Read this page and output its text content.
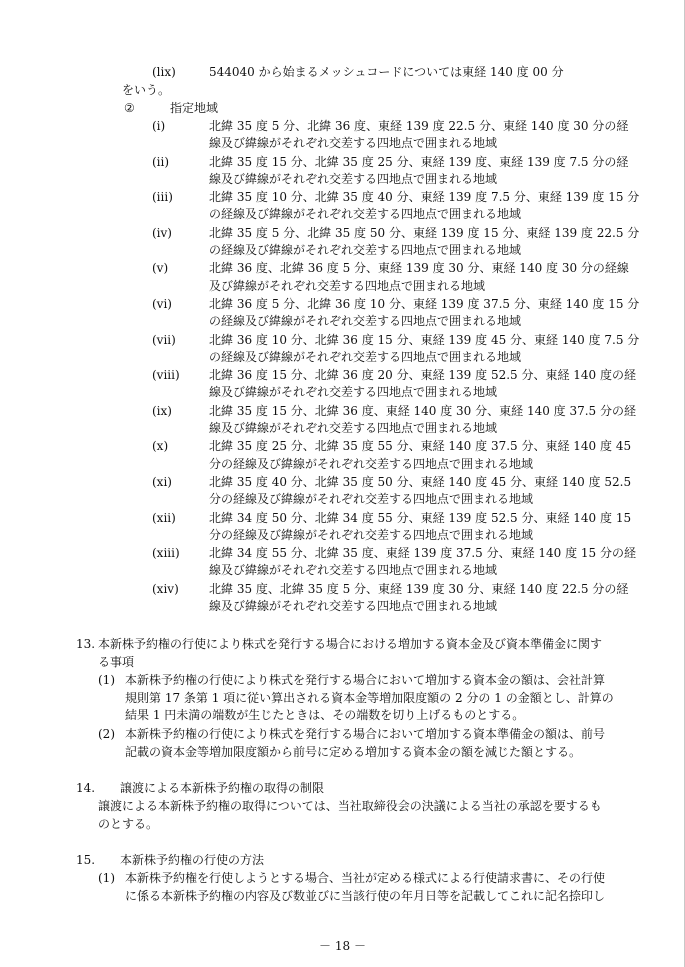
(lix)	544040 から始まるメッシュコードについては東経 140 度 00 分
をいう。
②	指定地域
(i)	北緯 35 度 5 分、北緯 36 度、東経 139 度 22.5 分、東経 140 度 30 分の経
線及び緯線がそれぞれ交差する四地点で囲まれる地域
(ii)	北緯 35 度 15 分、北緯 35 度 25 分、東経 139 度、東経 139 度 7.5 分の経
線及び緯線がそれぞれ交差する四地点で囲まれる地域
(iii)	北緯 35 度 10 分、北緯 35 度 40 分、東経 139 度 7.5 分、東経 139 度 15 分
の経線及び緯線がそれぞれ交差する四地点で囲まれる地域
(iv)	北緯 35 度 5 分、北緯 35 度 50 分、東経 139 度 15 分、東経 139 度 22.5 分
の経線及び緯線がそれぞれ交差する四地点で囲まれる地域
(v)	北緯 36 度、北緯 36 度 5 分、東経 139 度 30 分、東経 140 度 30 分の経線
及び緯線がそれぞれ交差する四地点で囲まれる地域
(vi)	北緯 36 度 5 分、北緯 36 度 10 分、東経 139 度 37.5 分、東経 140 度 15 分
の経線及び緯線がそれぞれ交差する四地点で囲まれる地域
(vii)	北緯 36 度 10 分、北緯 36 度 15 分、東経 139 度 45 分、東経 140 度 7.5 分
の経線及び緯線がそれぞれ交差する四地点で囲まれる地域
(viii)	北緯 36 度 15 分、北緯 36 度 20 分、東経 139 度 52.5 分、東経 140 度の経
線及び緯線がそれぞれ交差する四地点で囲まれる地域
(ix)	北緯 35 度 15 分、北緯 36 度、東経 140 度 30 分、東経 140 度 37.5 分の経
線及び緯線がそれぞれ交差する四地点で囲まれる地域
(x)	北緯 35 度 25 分、北緯 35 度 55 分、東経 140 度 37.5 分、東経 140 度 45
分の経線及び緯線がそれぞれ交差する四地点で囲まれる地域
(xi)	北緯 35 度 40 分、北緯 35 度 50 分、東経 140 度 45 分、東経 140 度 52.5
分の経線及び緯線がそれぞれ交差する四地点で囲まれる地域
(xii)	北緯 34 度 50 分、北緯 34 度 55 分、東経 139 度 52.5 分、東経 140 度 15
分の経線及び緯線がそれぞれ交差する四地点で囲まれる地域
(xiii)	北緯 34 度 55 分、北緯 35 度、東経 139 度 37.5 分、東経 140 度 15 分の経
線及び緯線がそれぞれ交差する四地点で囲まれる地域
(xiv)	北緯 35 度、北緯 35 度 5 分、東経 139 度 30 分、東経 140 度 22.5 分の経
線及び緯線がそれぞれ交差する四地点で囲まれる地域
13. 本新株予約権の行使により株式を発行する場合における増加する資本金及び資本準備金に関す
る事項
(1) 本新株予約権の行使により株式を発行する場合において増加する資本金の額は、会社計算
規則第 17 条第 1 項に従い算出される資本金等増加限度額の 2 分の 1 の金額とし、計算の
結果 1 円未満の端数が生じたときは、その端数を切り上げるものとする。
(2) 本新株予約権の行使により株式を発行する場合において増加する資本準備金の額は、前号
記載の資本金等増加限度額から前号に定める増加する資本金の額を減じた額とする。
14. 譲渡による本新株予約権の取得の制限
譲渡による本新株予約権の取得については、当社取締役会の決議による当社の承認を要するも
のとする。
15. 本新株予約権の行使の方法
(1) 本新株予約権を行使しようとする場合、当社が定める様式による行使請求書に、その行使
に係る本新株予約権の内容及び数並びに当該行使の年月日等を記載してこれに記名捺印し
－ 18 －
